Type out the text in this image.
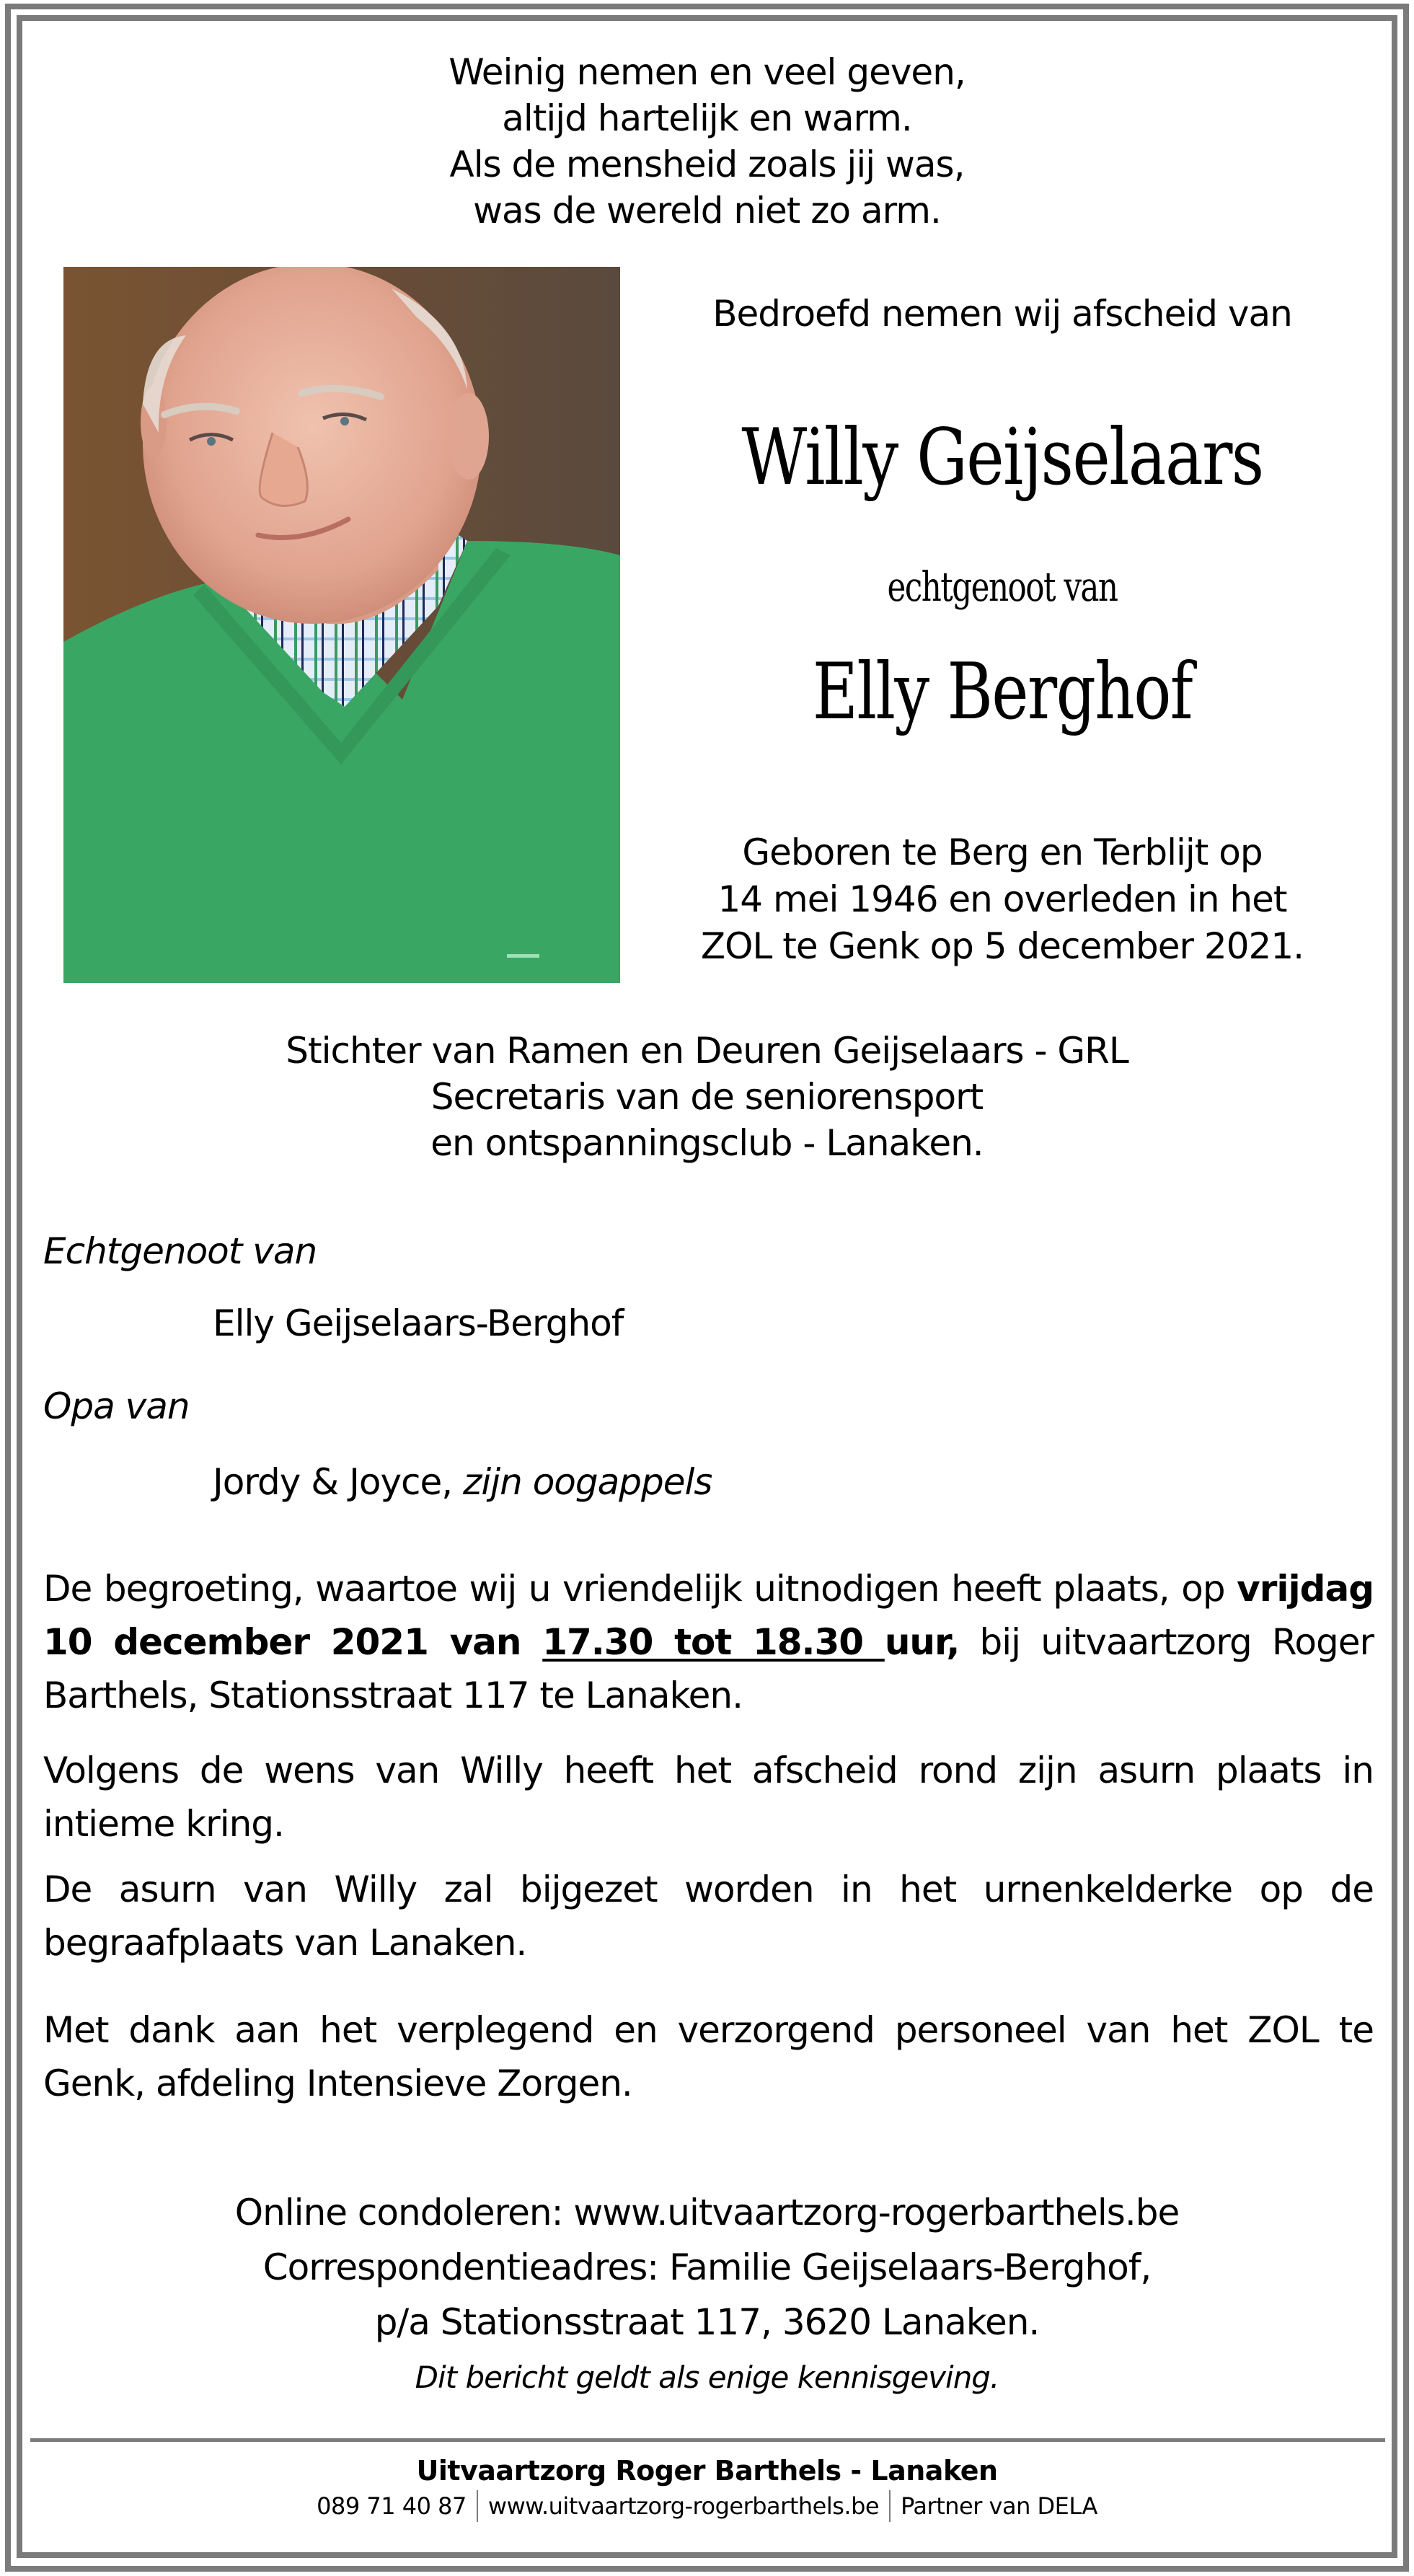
Weinig nemen en veel geven,
altijd hartelijk en warm.
Als de mensheid zoals jij was,
was de wereld niet zo arm.
Bedroefd nemen wij afscheid van
Willy Geijselaars
echtgenoot van
Elly Berghof
Geboren te Berg en Terblijt op
14 mei 1946 en overleden in het
ZOL te Genk op 5 december 2021.
Stichter van Ramen en Deuren Geijselaars - GRL
Secretaris van de seniorensport
en ontspanningsclub - Lanaken.
Echtgenoot van
Elly Geijselaars-Berghof
Opa van
Jordy & Joyce, zijn oogappels
De begroeting, waartoe wij u vriendelijk uitnodigen heeft plaats, op vrijdag 10 december 2021 van 17.30 tot 18.30 uur, bij uitvaartzorg Roger Barthels, Stationsstraat 117 te Lanaken.
Volgens de wens van Willy heeft het afscheid rond zijn asurn plaats in intieme kring.
De asurn van Willy zal bijgezet worden in het urnenkelderke op de begraafplaats van Lanaken.
Met dank aan het verplegend en verzorgend personeel van het ZOL te Genk, afdeling Intensieve Zorgen.
Online condoleren: www.uitvaartzorg-rogerbarthels.be
Correspondentieadres: Familie Geijselaars-Berghof,
p/a Stationsstraat 117, 3620 Lanaken.
Dit bericht geldt als enige kennisgeving.
Uitvaartzorg Roger Barthels - Lanaken
089 71 40 87 www.uitvaartzorg-rogerbarthels.be Partner van DELA
